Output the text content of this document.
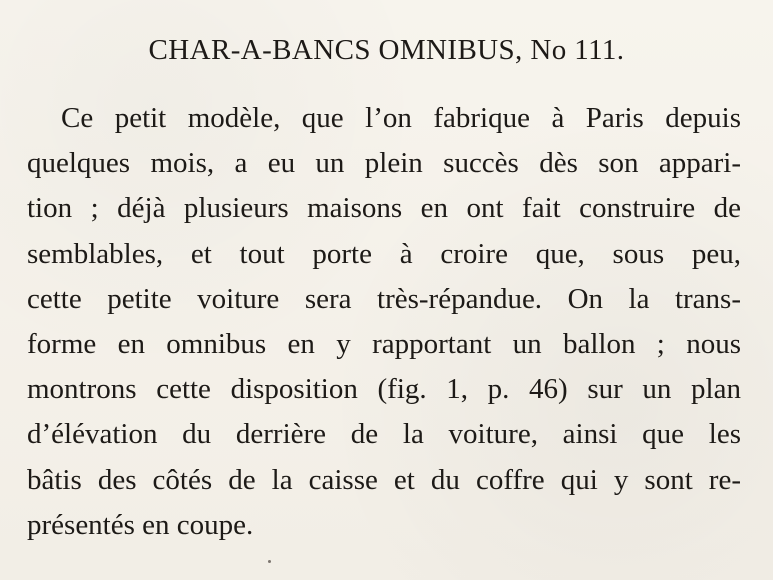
CHAR-A-BANCS OMNIBUS, No 111.
Ce petit modèle, que l’on fabrique à Paris depuis
quelques mois, a eu un plein succès dès son appari-
tion ; déjà plusieurs maisons en ont fait construire de
semblables, et tout porte à croire que, sous peu,
cette petite voiture sera très-répandue. On la trans-
forme en omnibus en y rapportant un ballon ; nous
montrons cette disposition (fig. 1, p. 46) sur un plan
d’élévation du derrière de la voiture, ainsi que les
bâtis des côtés de la caisse et du coffre qui y sont re-
présentés en coupe.
